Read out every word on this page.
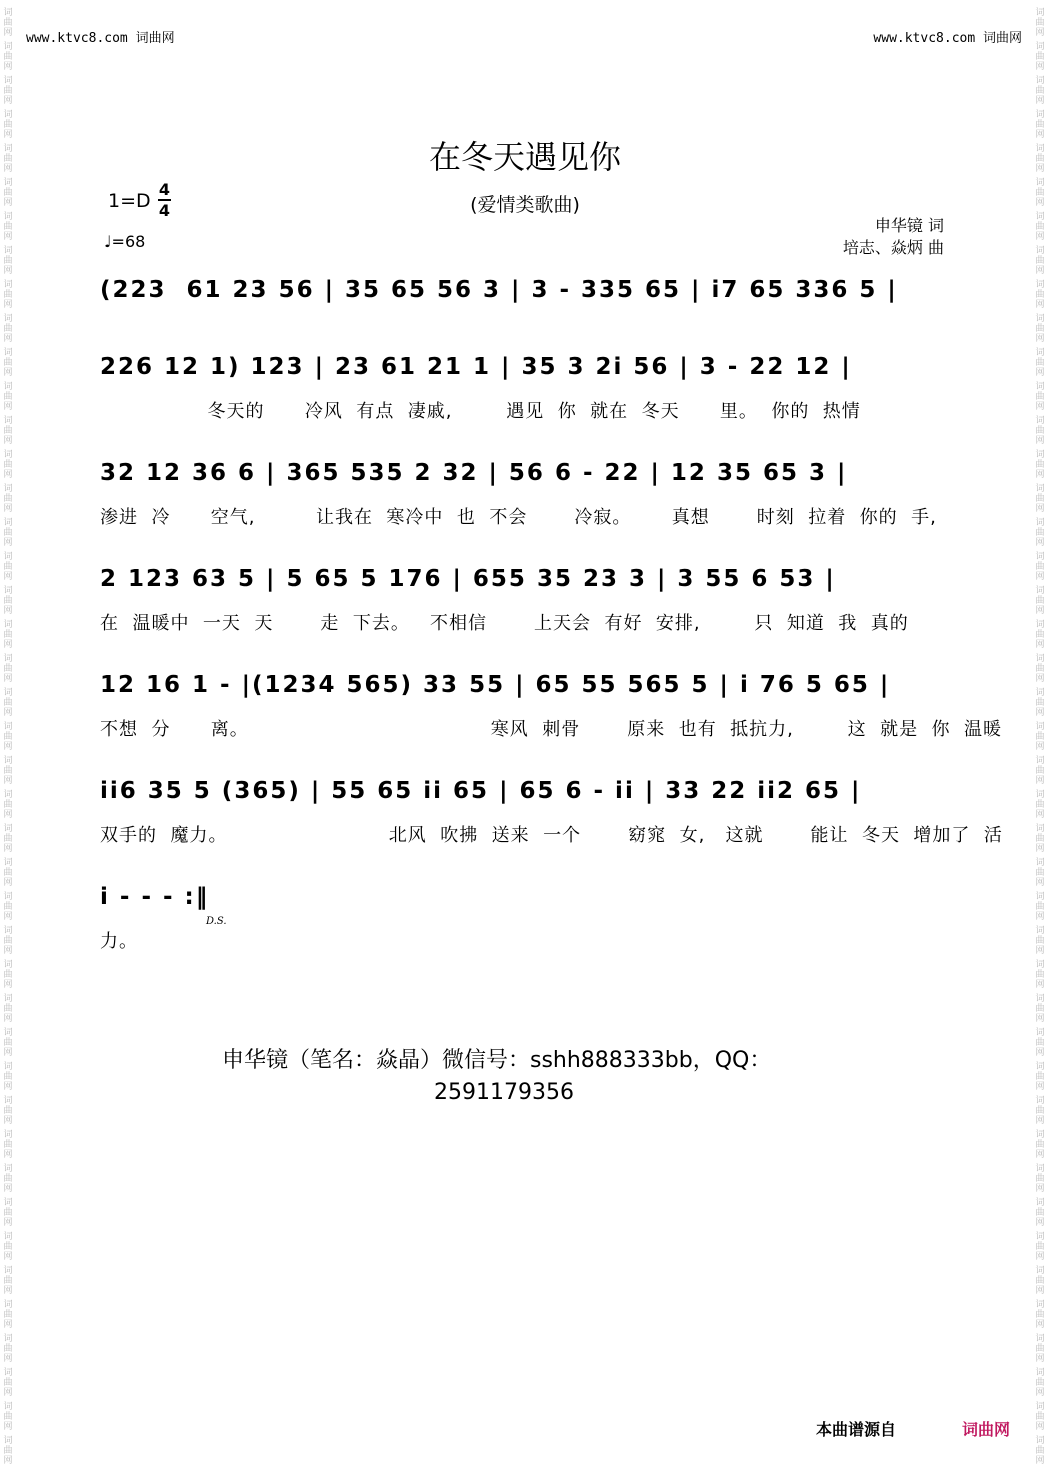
词
曲
网
词
曲
网
词
曲
网
词
曲
网
词
曲
网
词
曲
网
词
曲
网
词
曲
网
词
曲
网
词
曲
网
词
曲
网
词
曲
网
词
曲
网
词
曲
网
词
曲
网
词
曲
网
词
曲
网
词
曲
网
词
曲
网
词
曲
网
词
曲
网
词
曲
网
词
曲
网
词
曲
网
词
曲
网
词
曲
网
词
曲
网
词
曲
网
词
曲
网
词
曲
网
词
曲
网
词
曲
网
词
曲
网
词
曲
网
词
曲
网
词
曲
网
词
曲
网
词
曲
网
词
曲
网
词
曲
网
词
曲
网
词
曲
网
词
曲
网
词
曲
网
词
曲
网
词
曲
网
词
曲
网
词
曲
网
词
曲
网
词
曲
网
词
曲
网
词
曲
网
词
曲
网
词
曲
网
词
曲
网
词
曲
网
词
曲
网
词
曲
网
词
曲
网
词
曲
网
词
曲
网
词
曲
网
词
曲
网
词
曲
网
词
曲
网
词
曲
网
词
曲
网
词
曲
网
词
曲
网
词
曲
网
词
曲
网
词
曲
网
词
曲
网
词
曲
网
词
曲
网
词
曲
网
词
曲
网
词
曲
网
词
曲
网
词
曲
网
词
曲
网
词
曲
网
词
曲
网
词
曲
网
词
曲
网
词
曲
网
www.ktvc8.com 词曲网	www.ktvc8.com 词曲网
在冬天遇见你
(爱情类歌曲)
1=D
4
4
♩=68
申华镜 词
培志、焱炳 曲
(223  61 23 56 | 35 65 56 3 | 3 - 335 65 | i7 65 336 5 |
226 12 1) 123 | 23 61 21 1 | 35 3 2i 56 | 3 - 22 12 |
冬天的      冷风  有点  凄戚,        遇见  你  就在  冬天      里。  你的  热情
32 12 36 6 | 365 535 2 32 | 56 6 - 22 | 12 35 65 3 |
渗进  冷      空气,         让我在  寒冷中  也  不会       冷寂。      真想       时刻  拉着  你的  手,
2 123 63 5 | 5 65 5 176 | 655 35 23 3 | 3 55 6 53 |
在  温暖中  一天  天       走  下去。   不相信       上天会  有好  安排,        只  知道  我  真的
12 16 1 - |(1234 565) 33 55 | 65 55 565 5 | i 76 5 65 |
不想  分      离。                                    寒风  刺骨       原来  也有  抵抗力,        这  就是  你  温暖
ii6 35 5 (365) | 55 65 ii 65 | 65 6 - ii | 33 22 ii2 65 |
双手的  魔力。                        北风  吹拂  送来  一个       窈窕  女,   这就       能让  冬天  增加了  活
i - - - :‖
D.S.
力。
申华镜（笔名：焱晶）微信号：sshh888333bb，QQ：
2591179356
本曲谱源自	词曲网
